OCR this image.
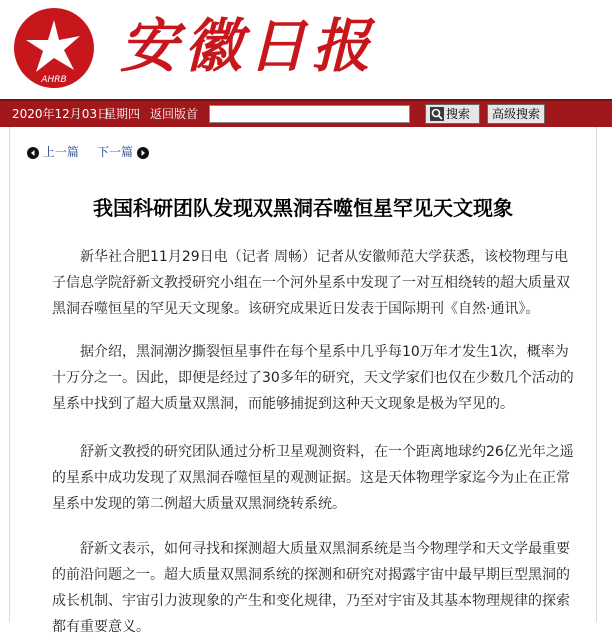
AHRB 安徽日报
2020年12月03日
星期四 返回版首	搜索	高级搜索
上一篇 下一篇
我国科研团队发现双黑洞吞噬恒星罕见天文现象

新华社合肥11月29日电（记者 周畅）记者从安徽师范大学获悉，该校物理与电子信息学院舒新文教授研究小组在一个河外星系中发现了一对互相绕转的超大质量双黑洞吞噬恒星的罕见天文现象。该研究成果近日发表于国际期刊《自然·通讯》。

据介绍，黑洞潮汐撕裂恒星事件在每个星系中几乎每10万年才发生1次，概率为十万分之一。因此，即便是经过了30多年的研究，天文学家们也仅在少数几个活动的星系中找到了超大质量双黑洞，而能够捕捉到这种天文现象是极为罕见的。

舒新文教授的研究团队通过分析卫星观测资料，在一个距离地球约26亿光年之遥的星系中成功发现了双黑洞吞噬恒星的观测证据。这是天体物理学家迄今为止在正常星系中发现的第二例超大质量双黑洞绕转系统。

舒新文表示，如何寻找和探测超大质量双黑洞系统是当今物理学和天文学最重要的前沿问题之一。超大质量双黑洞系统的探测和研究对揭露宇宙中最早期巨型黑洞的成长机制、宇宙引力波现象的产生和变化规律，乃至对宇宙及其基本物理规律的探索都有重要意义。
